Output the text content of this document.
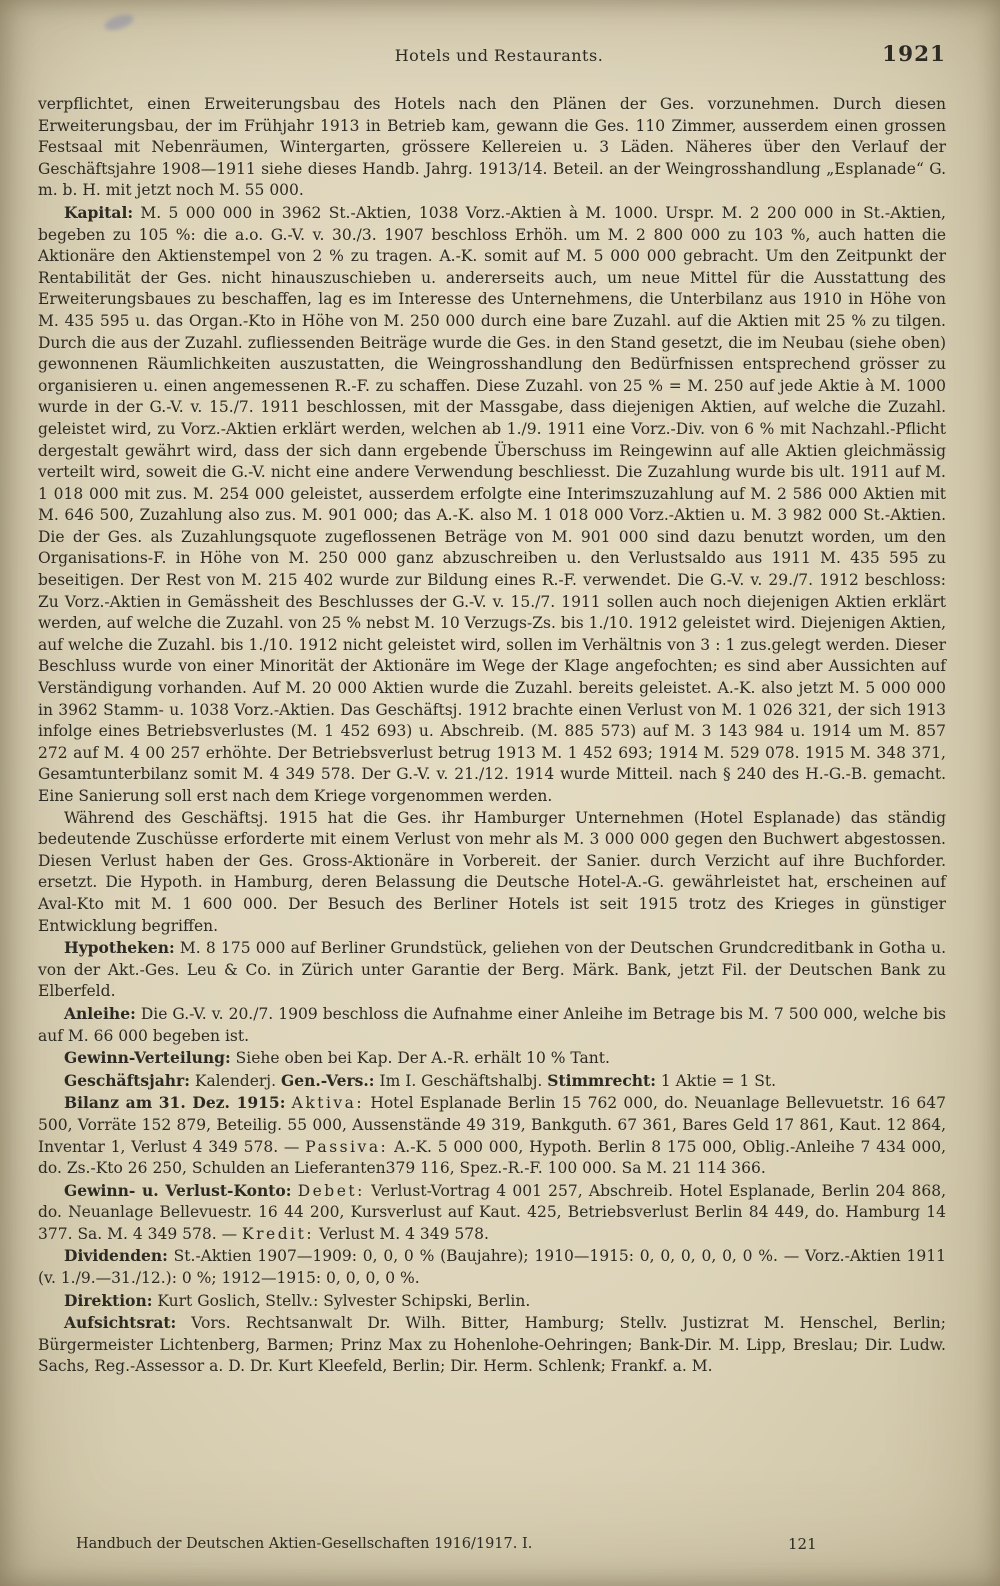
Hotels und Restaurants.	1921

verpflichtet, einen Erweiterungsbau des Hotels nach den Plänen der Ges. vorzunehmen. Durch diesen Erweiterungsbau, der im Frühjahr 1913 in Betrieb kam, gewann die Ges. 110 Zimmer, ausserdem einen grossen Festsaal mit Nebenräumen, Wintergarten, grössere Kellereien u. 3 Läden. Näheres über den Verlauf der Geschäftsjahre 1908—1911 siehe dieses Handb. Jahrg. 1913/14. Beteil. an der Weingrosshandlung „Esplanade“ G. m. b. H. mit jetzt noch M. 55 000.

Kapital: M. 5 000 000 in 3962 St.-Aktien, 1038 Vorz.-Aktien à M. 1000. Urspr. M. 2 200 000 in St.-Aktien, begeben zu 105 %: die a.o. G.-V. v. 30./3. 1907 beschloss Erhöh. um M. 2 800 000 zu 103 %, auch hatten die Aktionäre den Aktienstempel von 2 % zu tragen. A.-K. somit auf M. 5 000 000 gebracht. Um den Zeitpunkt der Rentabilität der Ges. nicht hinauszuschieben u. andererseits auch, um neue Mittel für die Ausstattung des Erweiterungsbaues zu beschaffen, lag es im Interesse des Unternehmens, die Unterbilanz aus 1910 in Höhe von M. 435 595 u. das Organ.-Kto in Höhe von M. 250 000 durch eine bare Zuzahl. auf die Aktien mit 25 % zu tilgen. Durch die aus der Zuzahl. zufliessenden Beiträge wurde die Ges. in den Stand gesetzt, die im Neubau (siehe oben) gewonnenen Räumlichkeiten auszustatten, die Weingrosshandlung den Bedürfnissen entsprechend grösser zu organisieren u. einen angemessenen R.-F. zu schaffen. Diese Zuzahl. von 25 % = M. 250 auf jede Aktie à M. 1000 wurde in der G.-V. v. 15./7. 1911 beschlossen, mit der Massgabe, dass diejenigen Aktien, auf welche die Zuzahl. geleistet wird, zu Vorz.-Aktien erklärt werden, welchen ab 1./9. 1911 eine Vorz.-Div. von 6 % mit Nachzahl.-Pflicht dergestalt gewährt wird, dass der sich dann ergebende Überschuss im Reingewinn auf alle Aktien gleichmässig verteilt wird, soweit die G.-V. nicht eine andere Verwendung beschliesst. Die Zuzahlung wurde bis ult. 1911 auf M. 1 018 000 mit zus. M. 254 000 geleistet, ausserdem erfolgte eine Interimszuzahlung auf M. 2 586 000 Aktien mit M. 646 500, Zuzahlung also zus. M. 901 000; das A.-K. also M. 1 018 000 Vorz.-Aktien u. M. 3 982 000 St.-Aktien. Die der Ges. als Zuzahlungsquote zugeflossenen Beträge von M. 901 000 sind dazu benutzt worden, um den Organisations-F. in Höhe von M. 250 000 ganz abzuschreiben u. den Verlustsaldo aus 1911 M. 435 595 zu beseitigen. Der Rest von M. 215 402 wurde zur Bildung eines R.-F. verwendet. Die G.-V. v. 29./7. 1912 beschloss: Zu Vorz.-Aktien in Gemässheit des Beschlusses der G.-V. v. 15./7. 1911 sollen auch noch diejenigen Aktien erklärt werden, auf welche die Zuzahl. von 25 % nebst M. 10 Verzugs-Zs. bis 1./10. 1912 geleistet wird. Diejenigen Aktien, auf welche die Zuzahl. bis 1./10. 1912 nicht geleistet wird, sollen im Verhältnis von 3 : 1 zus.gelegt werden. Dieser Beschluss wurde von einer Minorität der Aktionäre im Wege der Klage angefochten; es sind aber Aussichten auf Verständigung vorhanden. Auf M. 20 000 Aktien wurde die Zuzahl. bereits geleistet. A.-K. also jetzt M. 5 000 000 in 3962 Stamm- u. 1038 Vorz.-Aktien. Das Geschäftsj. 1912 brachte einen Verlust von M. 1 026 321, der sich 1913 infolge eines Betriebsverlustes (M. 1 452 693) u. Abschreib. (M. 885 573) auf M. 3 143 984 u. 1914 um M. 857 272 auf M. 4 00 257 erhöhte. Der Betriebsverlust betrug 1913 M. 1 452 693; 1914 M. 529 078. 1915 M. 348 371, Gesamtunterbilanz somit M. 4 349 578. Der G.-V. v. 21./12. 1914 wurde Mitteil. nach § 240 des H.-G.-B. gemacht. Eine Sanierung soll erst nach dem Kriege vorgenommen werden.

Während des Geschäftsj. 1915 hat die Ges. ihr Hamburger Unternehmen (Hotel Esplanade) das ständig bedeutende Zuschüsse erforderte mit einem Verlust von mehr als M. 3 000 000 gegen den Buchwert abgestossen. Diesen Verlust haben der Ges. Gross-Aktionäre in Vorbereit. der Sanier. durch Verzicht auf ihre Buchforder. ersetzt. Die Hypoth. in Hamburg, deren Belassung die Deutsche Hotel-A.-G. gewährleistet hat, erscheinen auf Aval-Kto mit M. 1 600 000. Der Besuch des Berliner Hotels ist seit 1915 trotz des Krieges in günstiger Entwicklung begriffen.

Hypotheken: M. 8 175 000 auf Berliner Grundstück, geliehen von der Deutschen Grundcreditbank in Gotha u. von der Akt.-Ges. Leu & Co. in Zürich unter Garantie der Berg. Märk. Bank, jetzt Fil. der Deutschen Bank zu Elberfeld.

Anleihe: Die G.-V. v. 20./7. 1909 beschloss die Aufnahme einer Anleihe im Betrage bis M. 7 500 000, welche bis auf M. 66 000 begeben ist.

Gewinn-Verteilung: Siehe oben bei Kap. Der A.-R. erhält 10 % Tant.

Geschäftsjahr: Kalenderj. Gen.-Vers.: Im I. Geschäftshalbj. Stimmrecht: 1 Aktie = 1 St.

Bilanz am 31. Dez. 1915: Aktiva: Hotel Esplanade Berlin 15 762 000, do. Neuanlage Bellevuetstr. 16 647 500, Vorräte 152 879, Beteilig. 55 000, Aussenstände 49 319, Bankguth. 67 361, Bares Geld 17 861, Kaut. 12 864, Inventar 1, Verlust 4 349 578. — Passiva: A.-K. 5 000 000, Hypoth. Berlin 8 175 000, Oblig.-Anleihe 7 434 000, do. Zs.-Kto 26 250, Schulden an Lieferanten379 116, Spez.-R.-F. 100 000. Sa M. 21 114 366.

Gewinn- u. Verlust-Konto: Debet: Verlust-Vortrag 4 001 257, Abschreib. Hotel Esplanade, Berlin 204 868, do. Neuanlage Bellevuestr. 16 44 200, Kursverlust auf Kaut. 425, Betriebsverlust Berlin 84 449, do. Hamburg 14 377. Sa. M. 4 349 578. — Kredit: Verlust M. 4 349 578.

Dividenden: St.-Aktien 1907—1909: 0, 0, 0 % (Baujahre); 1910—1915: 0, 0, 0, 0, 0, 0 %. — Vorz.-Aktien 1911 (v. 1./9.—31./12.): 0 %; 1912—1915: 0, 0, 0, 0 %.

Direktion: Kurt Goslich, Stellv.: Sylvester Schipski, Berlin.

Aufsichtsrat: Vors. Rechtsanwalt Dr. Wilh. Bitter, Hamburg; Stellv. Justizrat M. Henschel, Berlin; Bürgermeister Lichtenberg, Barmen; Prinz Max zu Hohenlohe-Oehringen; Bank-Dir. M. Lipp, Breslau; Dir. Ludw. Sachs, Reg.-Assessor a. D. Dr. Kurt Kleefeld, Berlin; Dir. Herm. Schlenk; Frankf. a. M.

Handbuch der Deutschen Aktien-Gesellschaften 1916/1917. I.	121
